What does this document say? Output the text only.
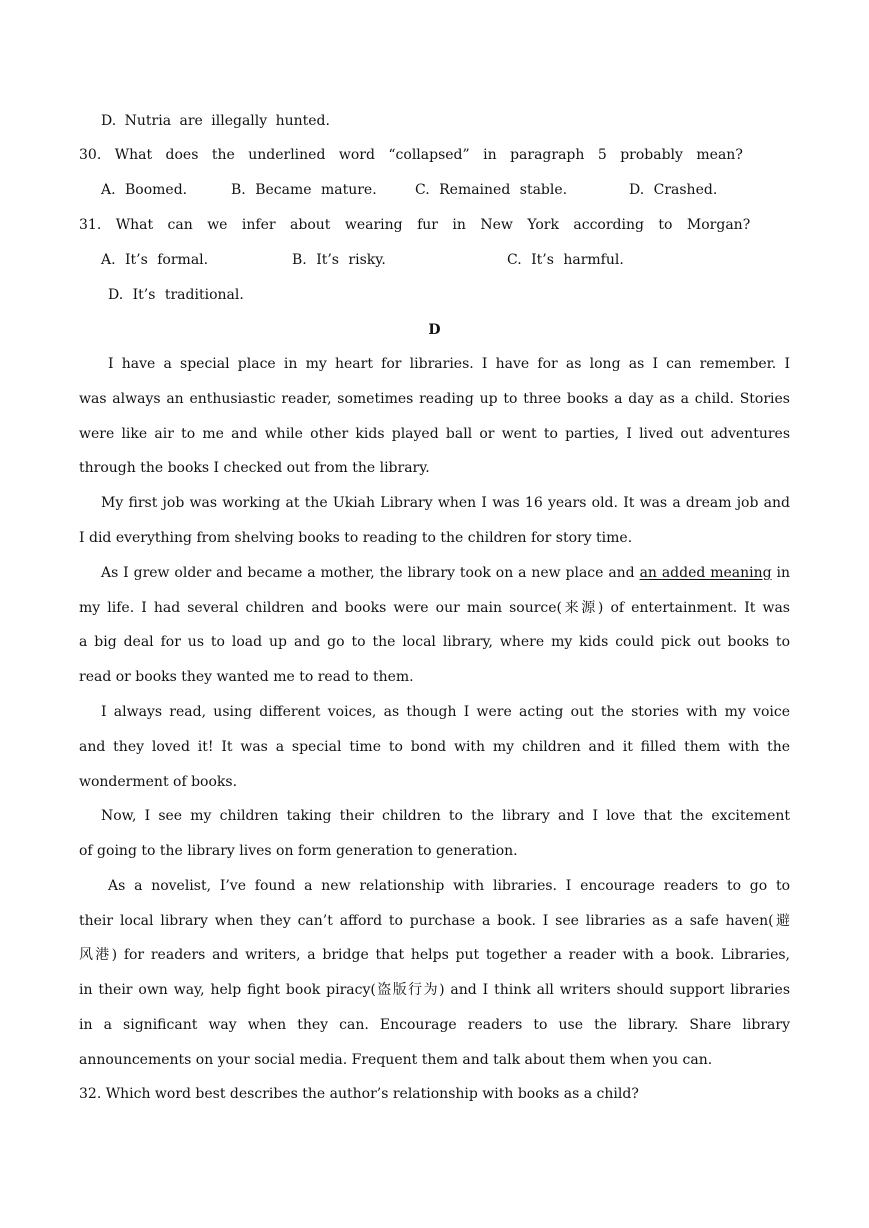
D. Nutria are illegally hunted.
30. What does the underlined word “collapsed” in paragraph 5 probably mean?
A. Boomed.	B. Became mature.	C. Remained stable.	D. Crashed.
31. What can we infer about wearing fur in New York according to Morgan?
A. It’s formal.	B. It’s risky.	C. It’s harmful.
D. It’s traditional.
D
I have a special place in my heart for libraries. I have for as long as I can remember. I
was always an enthusiastic reader, sometimes reading up to three books a day as a child. Stories
were like air to me and while other kids played ball or went to parties, I lived out adventures
through the books I checked out from the library.
My first job was working at the Ukiah Library when I was 16 years old. It was a dream job and
I did everything from shelving books to reading to the children for story time.
As I grew older and became a mother, the library took on a new place and an added meaning in
my life. I had several children and books were our main source(来源) of entertainment. It was
a big deal for us to load up and go to the local library, where my kids could pick out books to
read or books they wanted me to read to them.
I always read, using different voices, as though I were acting out the stories with my voice
and they loved it! It was a special time to bond with my children and it filled them with the
wonderment of books.
Now, I see my children taking their children to the library and I love that the excitement
of going to the library lives on form generation to generation.
As a novelist, I’ve found a new relationship with libraries. I encourage readers to go to
their local library when they can’t afford to purchase a book. I see libraries as a safe haven(避
风港) for readers and writers, a bridge that helps put together a reader with a book. Libraries,
in their own way, help fight book piracy(盗版行为) and I think all writers should support libraries
in a significant way when they can. Encourage readers to use the library. Share library
announcements on your social media. Frequent them and talk about them when you can.
32. Which word best describes the author’s relationship with books as a child?
